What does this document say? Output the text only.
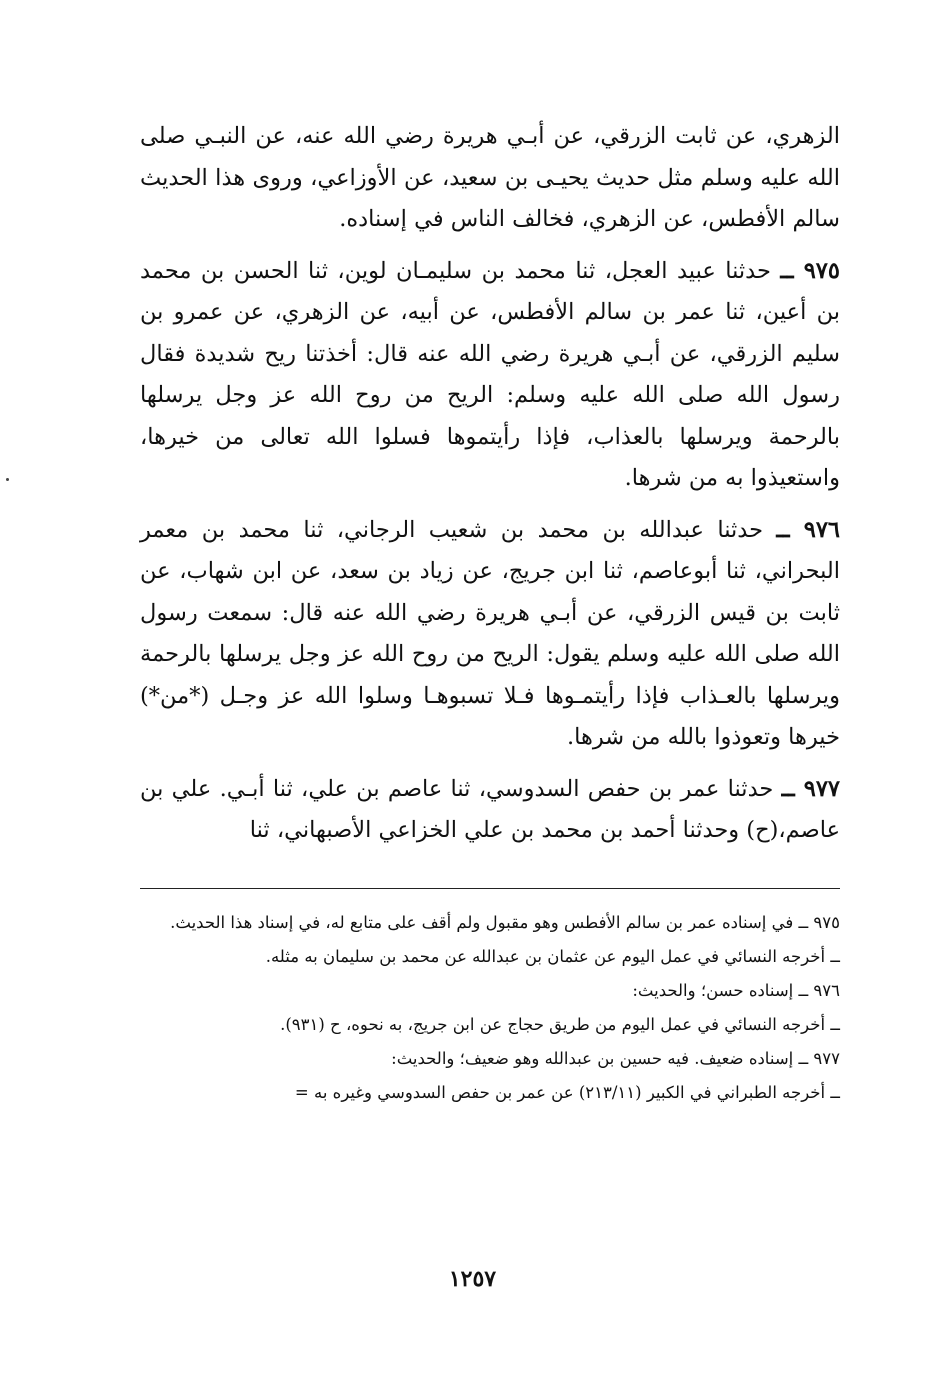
الزهري، عن ثابت الزرقي، عن أبـي هريرة رضي الله عنه، عن النبـي صلى الله عليه وسلم مثل حديث يحيـى بن سعيد، عن الأوزاعي، وروى هذا الحديث سالم الأفطس، عن الزهري، فخالف الناس في إسناده.

٩٧٥ ــ حدثنا عبيد العجل، ثنا محمد بن سليمـان لوين، ثنا الحسن بن محمد بن أعين، ثنا عمر بن سالم الأفطس، عن أبيه، عن الزهري، عن عمرو بن سليم الزرقي، عن أبـي هريرة رضي الله عنه قال: أخذتنا ريح شديدة فقال رسول الله صلى الله عليه وسلم: الريح من روح الله عز وجل يرسلها بالرحمة ويرسلها بالعذاب، فإذا رأيتموها فسلوا الله تعالى من خيرها، واستعيذوا به من شرها.

٩٧٦ ــ حدثنا عبدالله بن محمد بن شعيب الرجاني، ثنا محمد بن معمر البحراني، ثنا أبوعاصم، ثنا ابن جريج، عن زياد بن سعد، عن ابن شهاب، عن ثابت بن قيس الزرقي، عن أبـي هريرة رضي الله عنه قال: سمعت رسول الله صلى الله عليه وسلم يقول: الريح من روح الله عز وجل يرسلها بالرحمة ويرسلها بالعـذاب فإذا رأيتمـوها فـلا تسبوهـا وسلوا الله عز وجـل (*من*) خيرها وتعوذوا بالله من شرها.

٩٧٧ ــ حدثنا عمر بن حفص السدوسي، ثنا عاصم بن علي، ثنا أبـي. علي بن عاصم،(ح) وحدثنا أحمد بن محمد بن علي الخزاعي الأصبهاني، ثنا

٩٧٥ ــ في إسناده عمر بن سالم الأفطس وهو مقبول ولم أقف على متابع له، في إسناد هذا الحديث.

ــ أخرجه النسائي في عمل اليوم عن عثمان بن عبدالله عن محمد بن سليمان به مثله.

٩٧٦ ــ إسناده حسن؛ والحديث:

ــ أخرجه النسائي في عمل اليوم من طريق حجاج عن ابن جريج، به نحوه، ح (٩٣١).

٩٧٧ ــ إسناده ضعيف. فيه حسين بن عبدالله وهو ضعيف؛ والحديث:

ــ أخرجه الطبراني في الكبير (٢١٣/١١) عن عمر بن حفص السدوسي وغيره به =

١٢٥٧
